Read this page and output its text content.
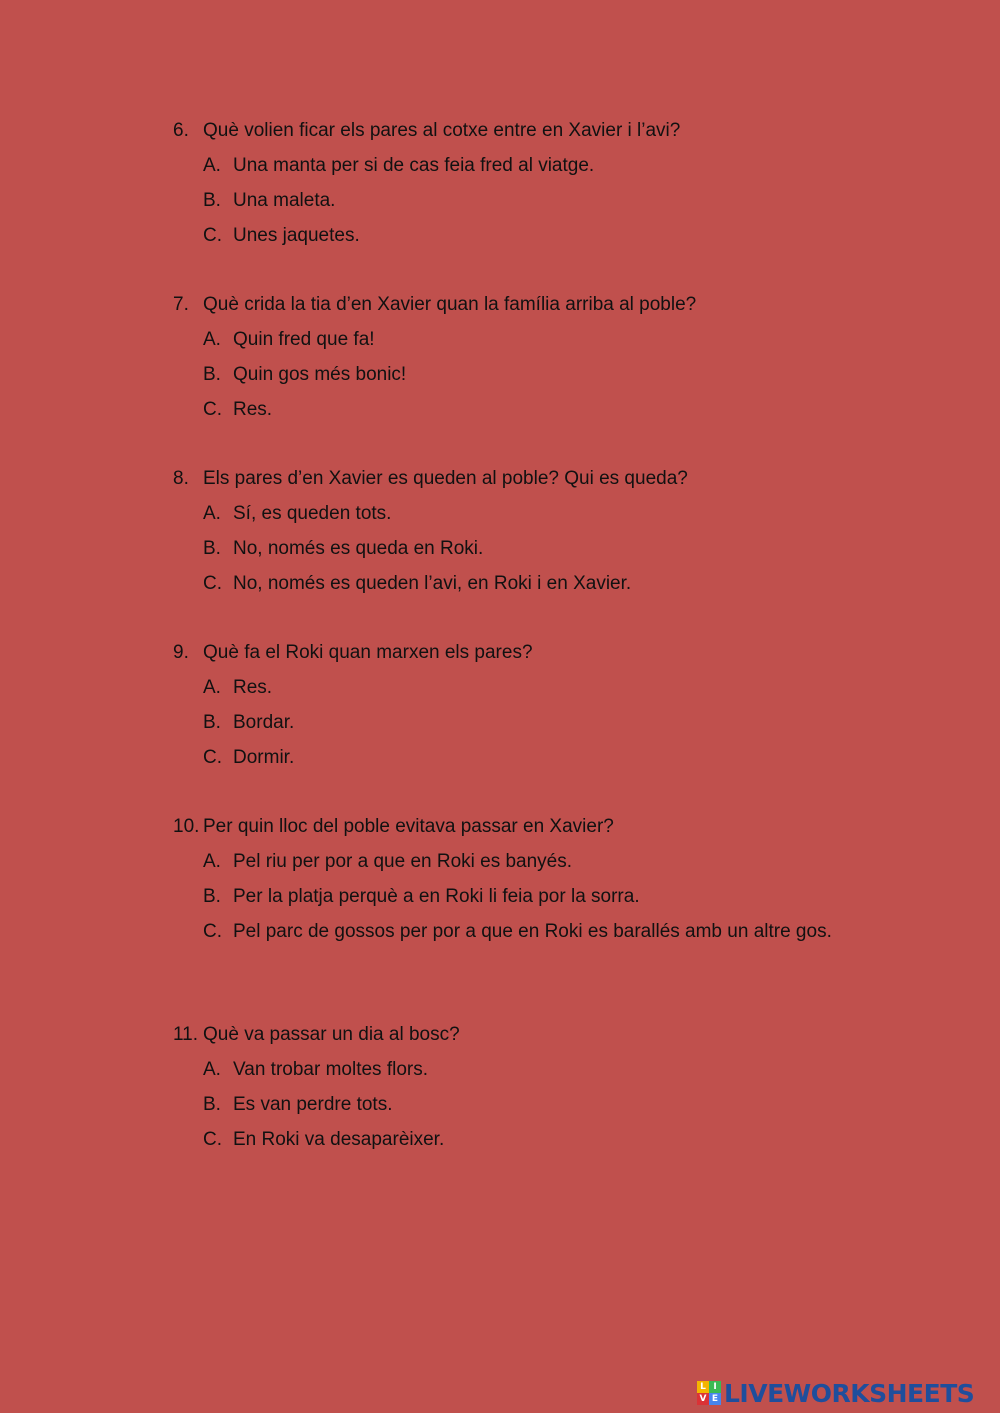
6. Què volien ficar els pares al cotxe entre en Xavier i l’avi?
A. Una manta per si de cas feia fred al viatge.
B. Una maleta.
C. Unes jaquetes.
7. Què crida la tia d’en Xavier quan la família arriba al poble?
A. Quin fred que fa!
B. Quin gos més bonic!
C. Res.
8. Els pares d’en Xavier es queden al poble? Qui es queda?
A. Sí, es queden tots.
B. No, només es queda en Roki.
C. No, només es queden l’avi, en Roki i en Xavier.
9. Què fa el Roki quan marxen els pares?
A. Res.
B. Bordar.
C. Dormir.
10. Per quin lloc del poble evitava passar en Xavier?
A. Pel riu per por a que en Roki es banyés.
B. Per la platja perquè a en Roki li feia por la sorra.
C. Pel parc de gossos per por a que en Roki es barallés amb un altre gos.
11. Què va passar un dia al bosc?
A. Van trobar moltes flors.
B. Es van perdre tots.
C. En Roki va desaparèixer.
L I
V E LIVEWORKSHEETS
